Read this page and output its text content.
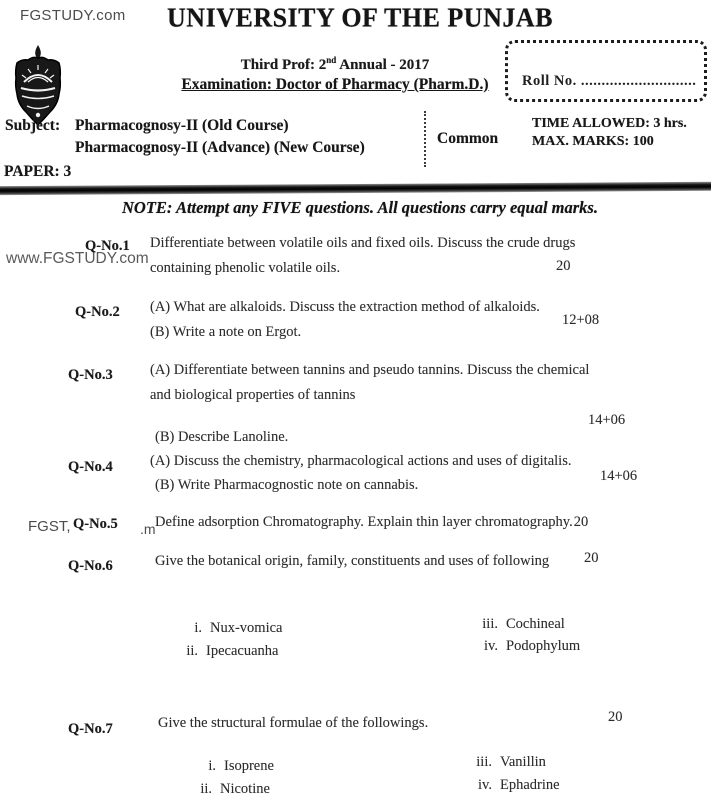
FGSTUDY.com UNIVERSITY OF THE PUNJAB
Third Prof: 2nd Annual - 2017
Examination: Doctor of Pharmacy (Pharm.D.)	Roll No. ............................
Subject: Pharmacognosy-II (Old Course)
Pharmacognosy-II (Advance) (New Course)
Common
TIME ALLOWED: 3 hrs.
MAX. MARKS: 100
PAPER: 3
NOTE: Attempt any FIVE questions. All questions carry equal marks.
www.FGSTUDY.com
Q-No.1 Differentiate between volatile oils and fixed oils. Discuss the crude drugs
containing phenolic volatile oils.	20
Q-No.2 (A) What are alkaloids. Discuss the extraction method of alkaloids.
(B) Write a note on Ergot.
12+08
Q-No.3	(A) Differentiate between tannins and pseudo tannins. Discuss the chemical
and biological properties of tannins
(B) Describe Lanoline.
14+06
Q-No.4	(A) Discuss the chemistry, pharmacological actions and uses of digitalis.
(B) Write Pharmacognostic note on cannabis.
14+06
FGST, Q-No.5 .m Define adsorption Chromatography. Explain thin layer chromatography.20
Q-No.6	Give the botanical origin, family, constituents and uses of following 20
i. Nux-vomica
ii. Ipecacuanha
iii. Cochineal
iv. Podophylum
Q-No.7	Give the structural formulae of the followings.	20
i. Isoprene
ii. Nicotine
iii. Vanillin
iv. Ephadrine
